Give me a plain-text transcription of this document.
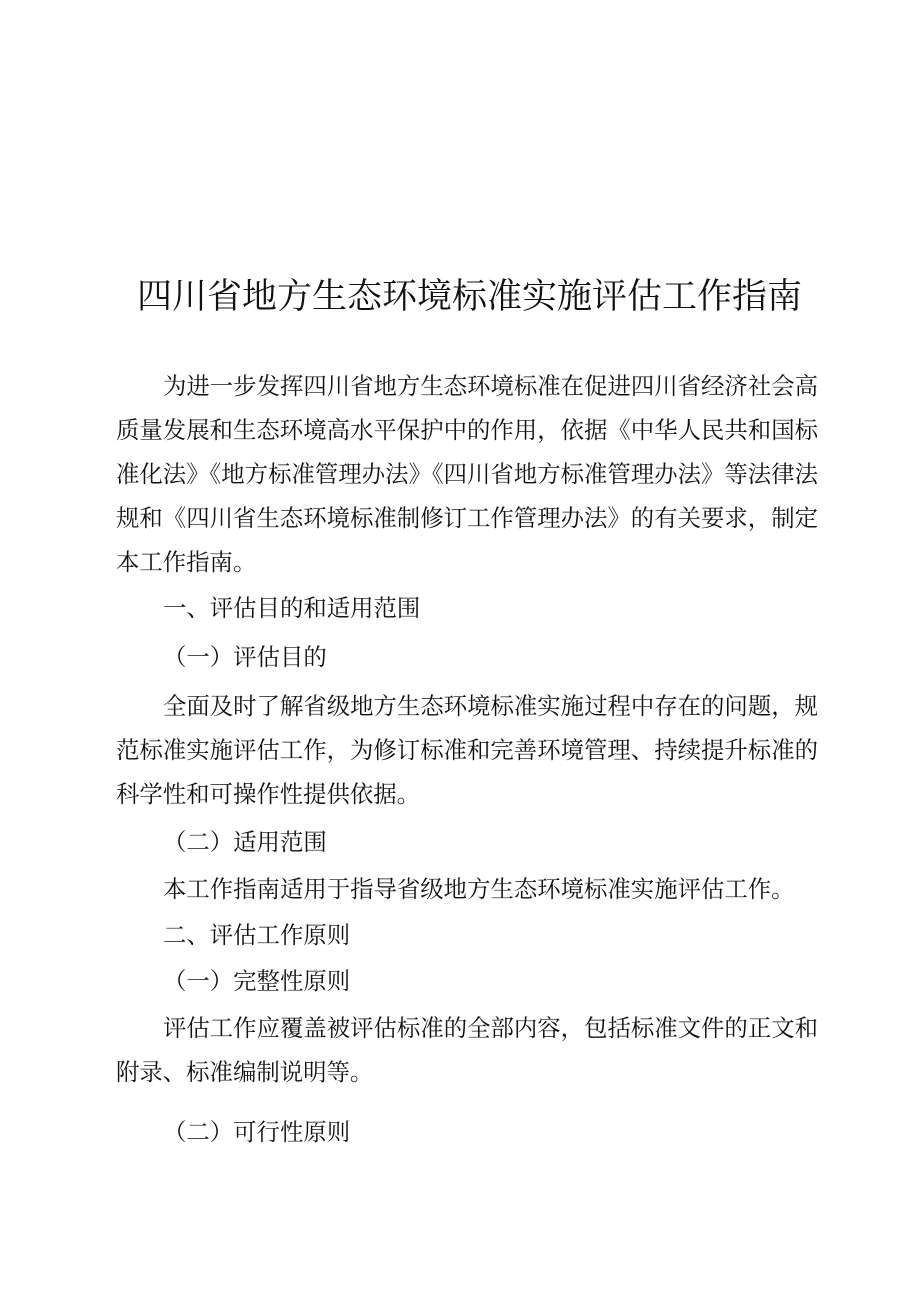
四川省地方生态环境标准实施评估工作指南

为进一步发挥四川省地方生态环境标准在促进四川省经济社会高质量发展和生态环境高水平保护中的作用，依据《中华人民共和国标准化法》《地方标准管理办法》《四川省地方标准管理办法》等法律法规和《四川省生态环境标准制修订工作管理办法》的有关要求，制定本工作指南。

一、评估目的和适用范围

（一）评估目的

全面及时了解省级地方生态环境标准实施过程中存在的问题，规范标准实施评估工作，为修订标准和完善环境管理、持续提升标准的科学性和可操作性提供依据。

（二）适用范围

本工作指南适用于指导省级地方生态环境标准实施评估工作。

二、评估工作原则

（一）完整性原则

评估工作应覆盖被评估标准的全部内容，包括标准文件的正文和附录、标准编制说明等。

（二）可行性原则
